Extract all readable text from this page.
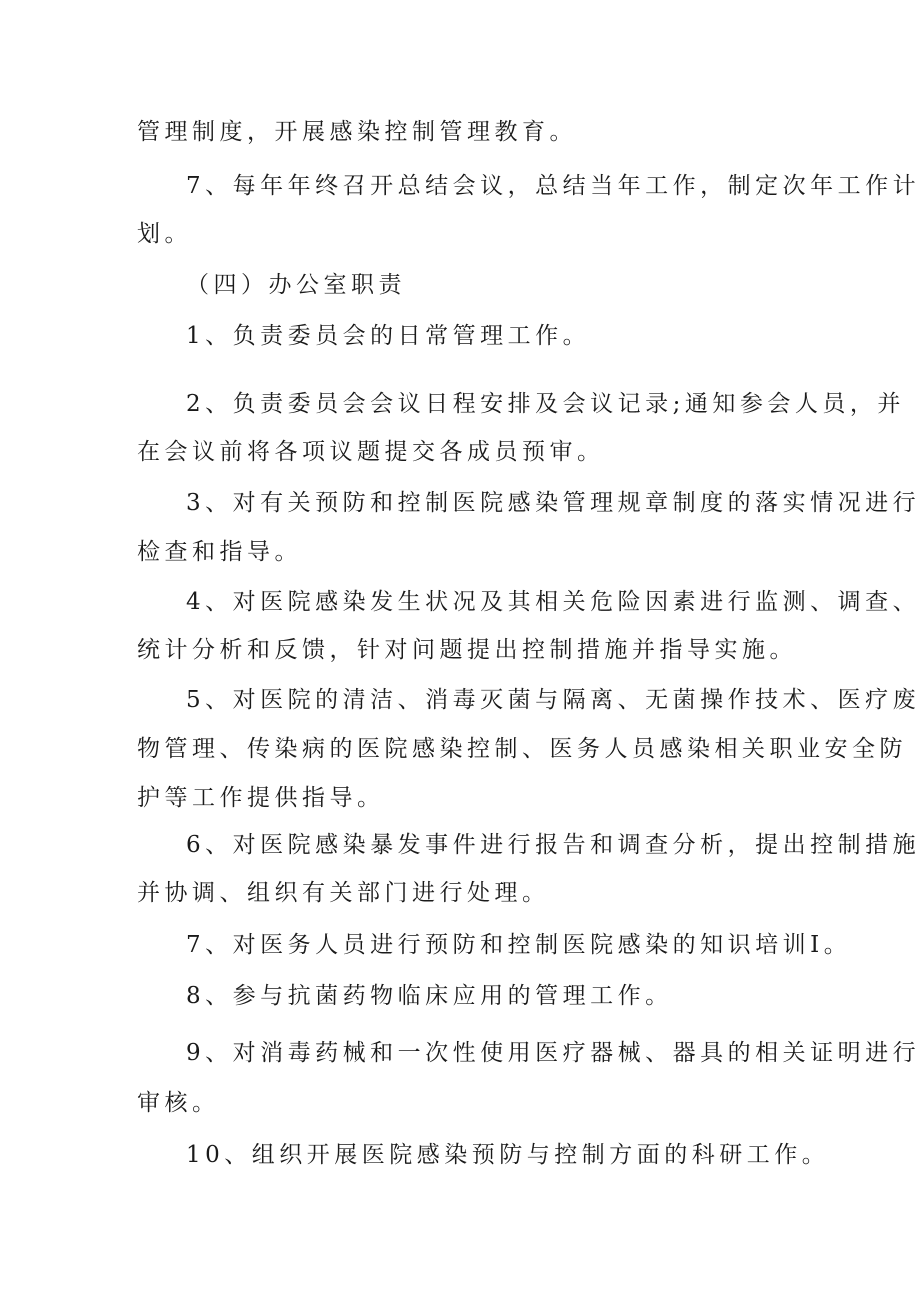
管理制度，开展感染控制管理教育。
7、每年年终召开总结会议，总结当年工作，制定次年工作计
划。
（四）办公室职责
1、负责委员会的日常管理工作。
2、负责委员会会议日程安排及会议记录;通知参会人员，并
在会议前将各项议题提交各成员预审。
3、对有关预防和控制医院感染管理规章制度的落实情况进行
检查和指导。
4、对医院感染发生状况及其相关危险因素进行监测、调查、
统计分析和反馈，针对问题提出控制措施并指导实施。
5、对医院的清洁、消毒灭菌与隔离、无菌操作技术、医疗废
物管理、传染病的医院感染控制、医务人员感染相关职业安全防
护等工作提供指导。
6、对医院感染暴发事件进行报告和调查分析，提出控制措施
并协调、组织有关部门进行处理。
7、对医务人员进行预防和控制医院感染的知识培训I。
8、参与抗菌药物临床应用的管理工作。
9、对消毒药械和一次性使用医疗器械、器具的相关证明进行
审核。
10、组织开展医院感染预防与控制方面的科研工作。
